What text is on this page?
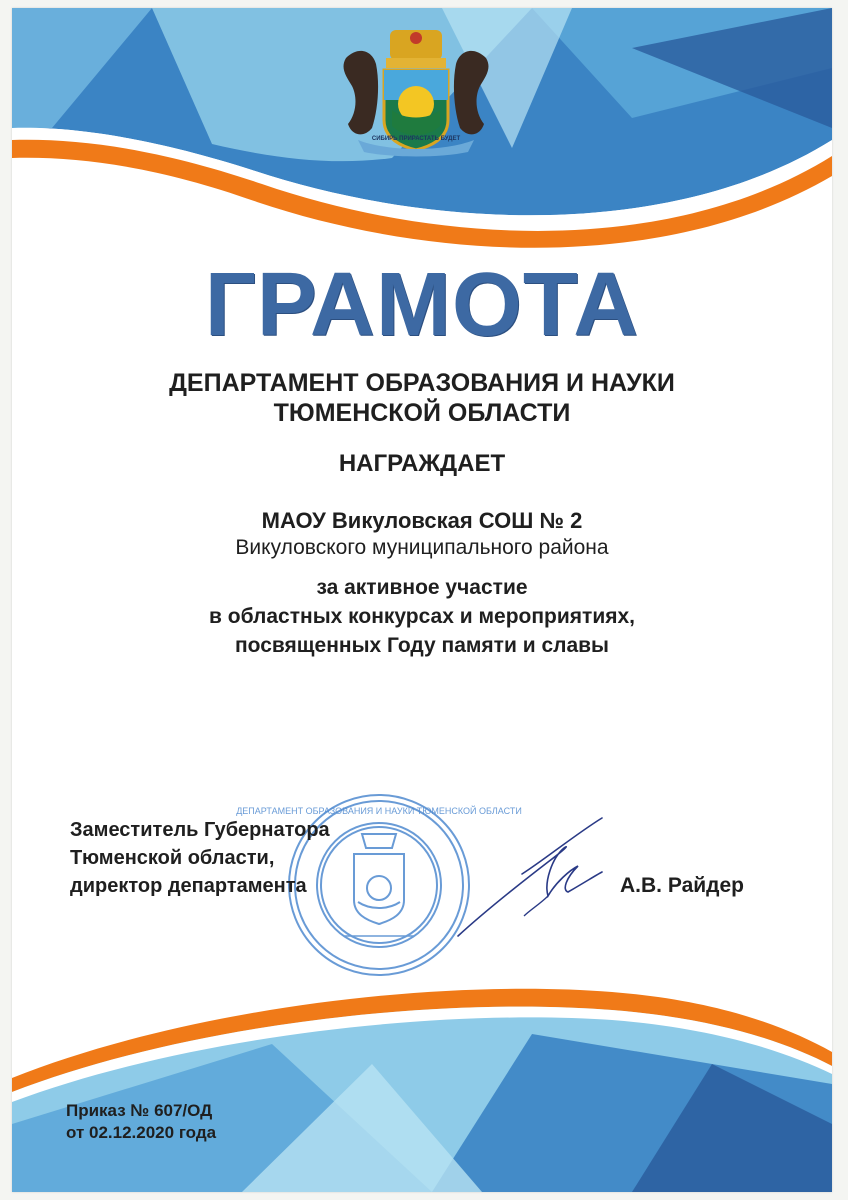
СИБИРЬ ПРИРАСТАТЬ БУДЕТ
ГРАМОТА
ДЕПАРТАМЕНТ ОБРАЗОВАНИЯ И НАУКИ
ТЮМЕНСКОЙ ОБЛАСТИ
НАГРАЖДАЕТ
МАОУ Викуловская СОШ № 2
Викуловского муниципального района
за активное участие
в областных конкурсах и мероприятиях,
посвященных Году памяти и славы
ДЕПАРТАМЕНТ ОБРАЗОВАНИЯ И НАУКИ ТЮМЕНСКОЙ ОБЛАСТИ
Заместитель Губернатора
Тюменской области,
директор департамента	А.В. Райдер
Приказ № 607/ОД
от 02.12.2020 года
